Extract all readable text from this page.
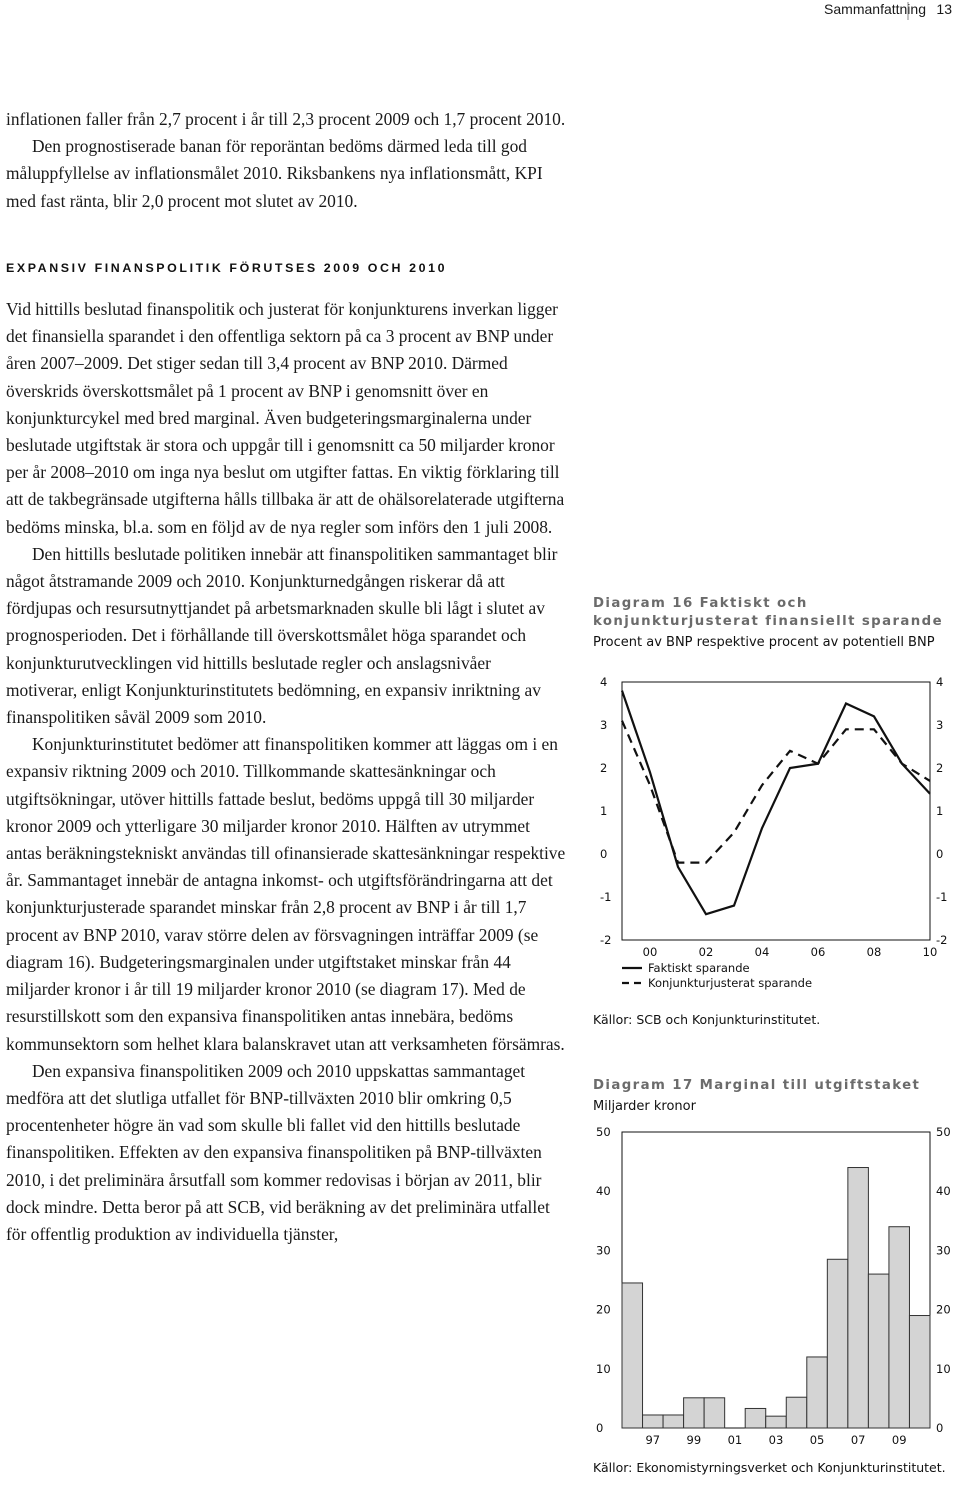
Sammanfattning 13

inflationen faller från 2,7 procent i år till 2,3 procent 2009 och 1,7 procent 2010.

Den prognostiserade banan för reporäntan bedöms därmed leda till god måluppfyllelse av inflationsmålet 2010. Riksbankens nya inflationsmått, KPI med fast ränta, blir 2,0 procent mot slutet av 2010.

EXPANSIV FINANSPOLITIK FÖRUTSES 2009 OCH 2010

Vid hittills beslutad finanspolitik och justerat för konjunkturens inverkan ligger det finansiella sparandet i den offentliga sektorn på ca 3 procent av BNP under åren 2007–2009. Det stiger sedan till 3,4 procent av BNP 2010. Därmed överskrids överskottsmålet på 1 procent av BNP i genomsnitt över en konjunkturcykel med bred marginal. Även budgeteringsmarginalerna under beslutade utgiftstak är stora och uppgår till i genomsnitt ca 50 miljarder kronor per år 2008–2010 om inga nya beslut om utgifter fattas. En viktig förklaring till att de takbegränsade utgifterna hålls tillbaka är att de ohälsorelaterade utgifterna bedöms minska, bl.a. som en följd av de nya regler som införs den 1 juli 2008.

Den hittills beslutade politiken innebär att finanspolitiken sammantaget blir något åtstramande 2009 och 2010. Konjunkturnedgången riskerar då att fördjupas och resursutnyttjandet på arbetsmarknaden skulle bli lågt i slutet av prognosperioden. Det i förhållande till överskottsmålet höga sparandet och konjunkturutvecklingen vid hittills beslutade regler och anslagsnivåer motiverar, enligt Konjunkturinstitutets bedömning, en expansiv inriktning av finanspolitiken såväl 2009 som 2010.

Konjunkturinstitutet bedömer att finanspolitiken kommer att läggas om i en expansiv riktning 2009 och 2010. Tillkommande skattesänkningar och utgiftsökningar, utöver hittills fattade beslut, bedöms uppgå till 30 miljarder kronor 2009 och ytterligare 30 miljarder kronor 2010. Hälften av utrymmet antas beräkningstekniskt användas till ofinansierade skattesänkningar respektive år. Sammantaget innebär de antagna inkomst- och utgiftsförändringarna att det konjunkturjusterade sparandet minskar från 2,8 procent av BNP i år till 1,7 procent av BNP 2010, varav större delen av försvagningen inträffar 2009 (se diagram 16). Budgeteringsmarginalen under utgiftstaket minskar från 44 miljarder kronor i år till 19 miljarder kronor 2010 (se diagram 17). Med de resurstillskott som den expansiva finanspolitiken antas innebära, bedöms kommunsektorn som helhet klara balanskravet utan att verksamheten försämras.

Den expansiva finanspolitiken 2009 och 2010 uppskattas sammantaget medföra att det slutliga utfallet för BNP-tillväxten 2010 blir omkring 0,5 procentenheter högre än vad som skulle bli fallet vid den hittills beslutade finanspolitiken. Effekten av den expansiva finanspolitiken på BNP-tillväxten 2010, i det preliminära årsutfall som kommer redovisas i början av 2011, blir dock mindre. Detta beror på att SCB, vid beräkning av det preliminära utfallet för offentlig produktion av individuella tjänster,

Diagram 16 Faktiskt och konjunkturjusterat finansiellt sparande
Procent av BNP respektive procent av potentiell BNP
4	4
3	3
2	2
1	1
0	0
-1	-1
-2	-2
00	02	04	06	08	10
Faktiskt sparande
Konjunkturjusterat sparande
Källor: SCB och Konjunkturinstitutet.
Diagram 17 Marginal till utgiftstaket
Miljarder kronor
50	50
40	40
30	30
20	20
10	10
0	0
97 99 01 03 05 07 09
Källor: Ekonomistyrningsverket och Konjunkturinstitutet.
